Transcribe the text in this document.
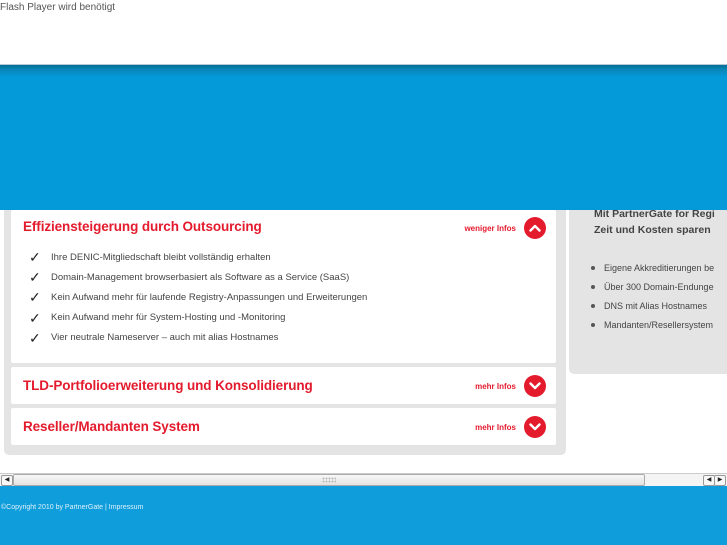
Flash Player wird benötigt
Effiziensteigerung durch Outsourcing	weniger Infos
✓	Ihre DENIC-Mitgliedschaft bleibt vollständig erhalten
✓	Domain-Management browserbasiert als Software as a Service (SaaS)
✓	Kein Aufwand mehr für laufende Registry-Anpassungen und Erweiterungen
✓	Kein Aufwand mehr für System-Hosting und -Monitoring
✓	Vier neutrale Nameserver – auch mit alias Hostnames
TLD-Portfolioerweiterung und Konsolidierung	mehr Infos
Reseller/Mandanten System	mehr Infos
Mit PartnerGate for Regi
Zeit und Kosten sparen
Eigene Akkreditierungen be
Über 300 Domain-Endunge
DNS mit Alias Hostnames
Mandanten/Resellersystem
◀	◀	▶
©Copyright 2010 by PartnerGate | Impressum
